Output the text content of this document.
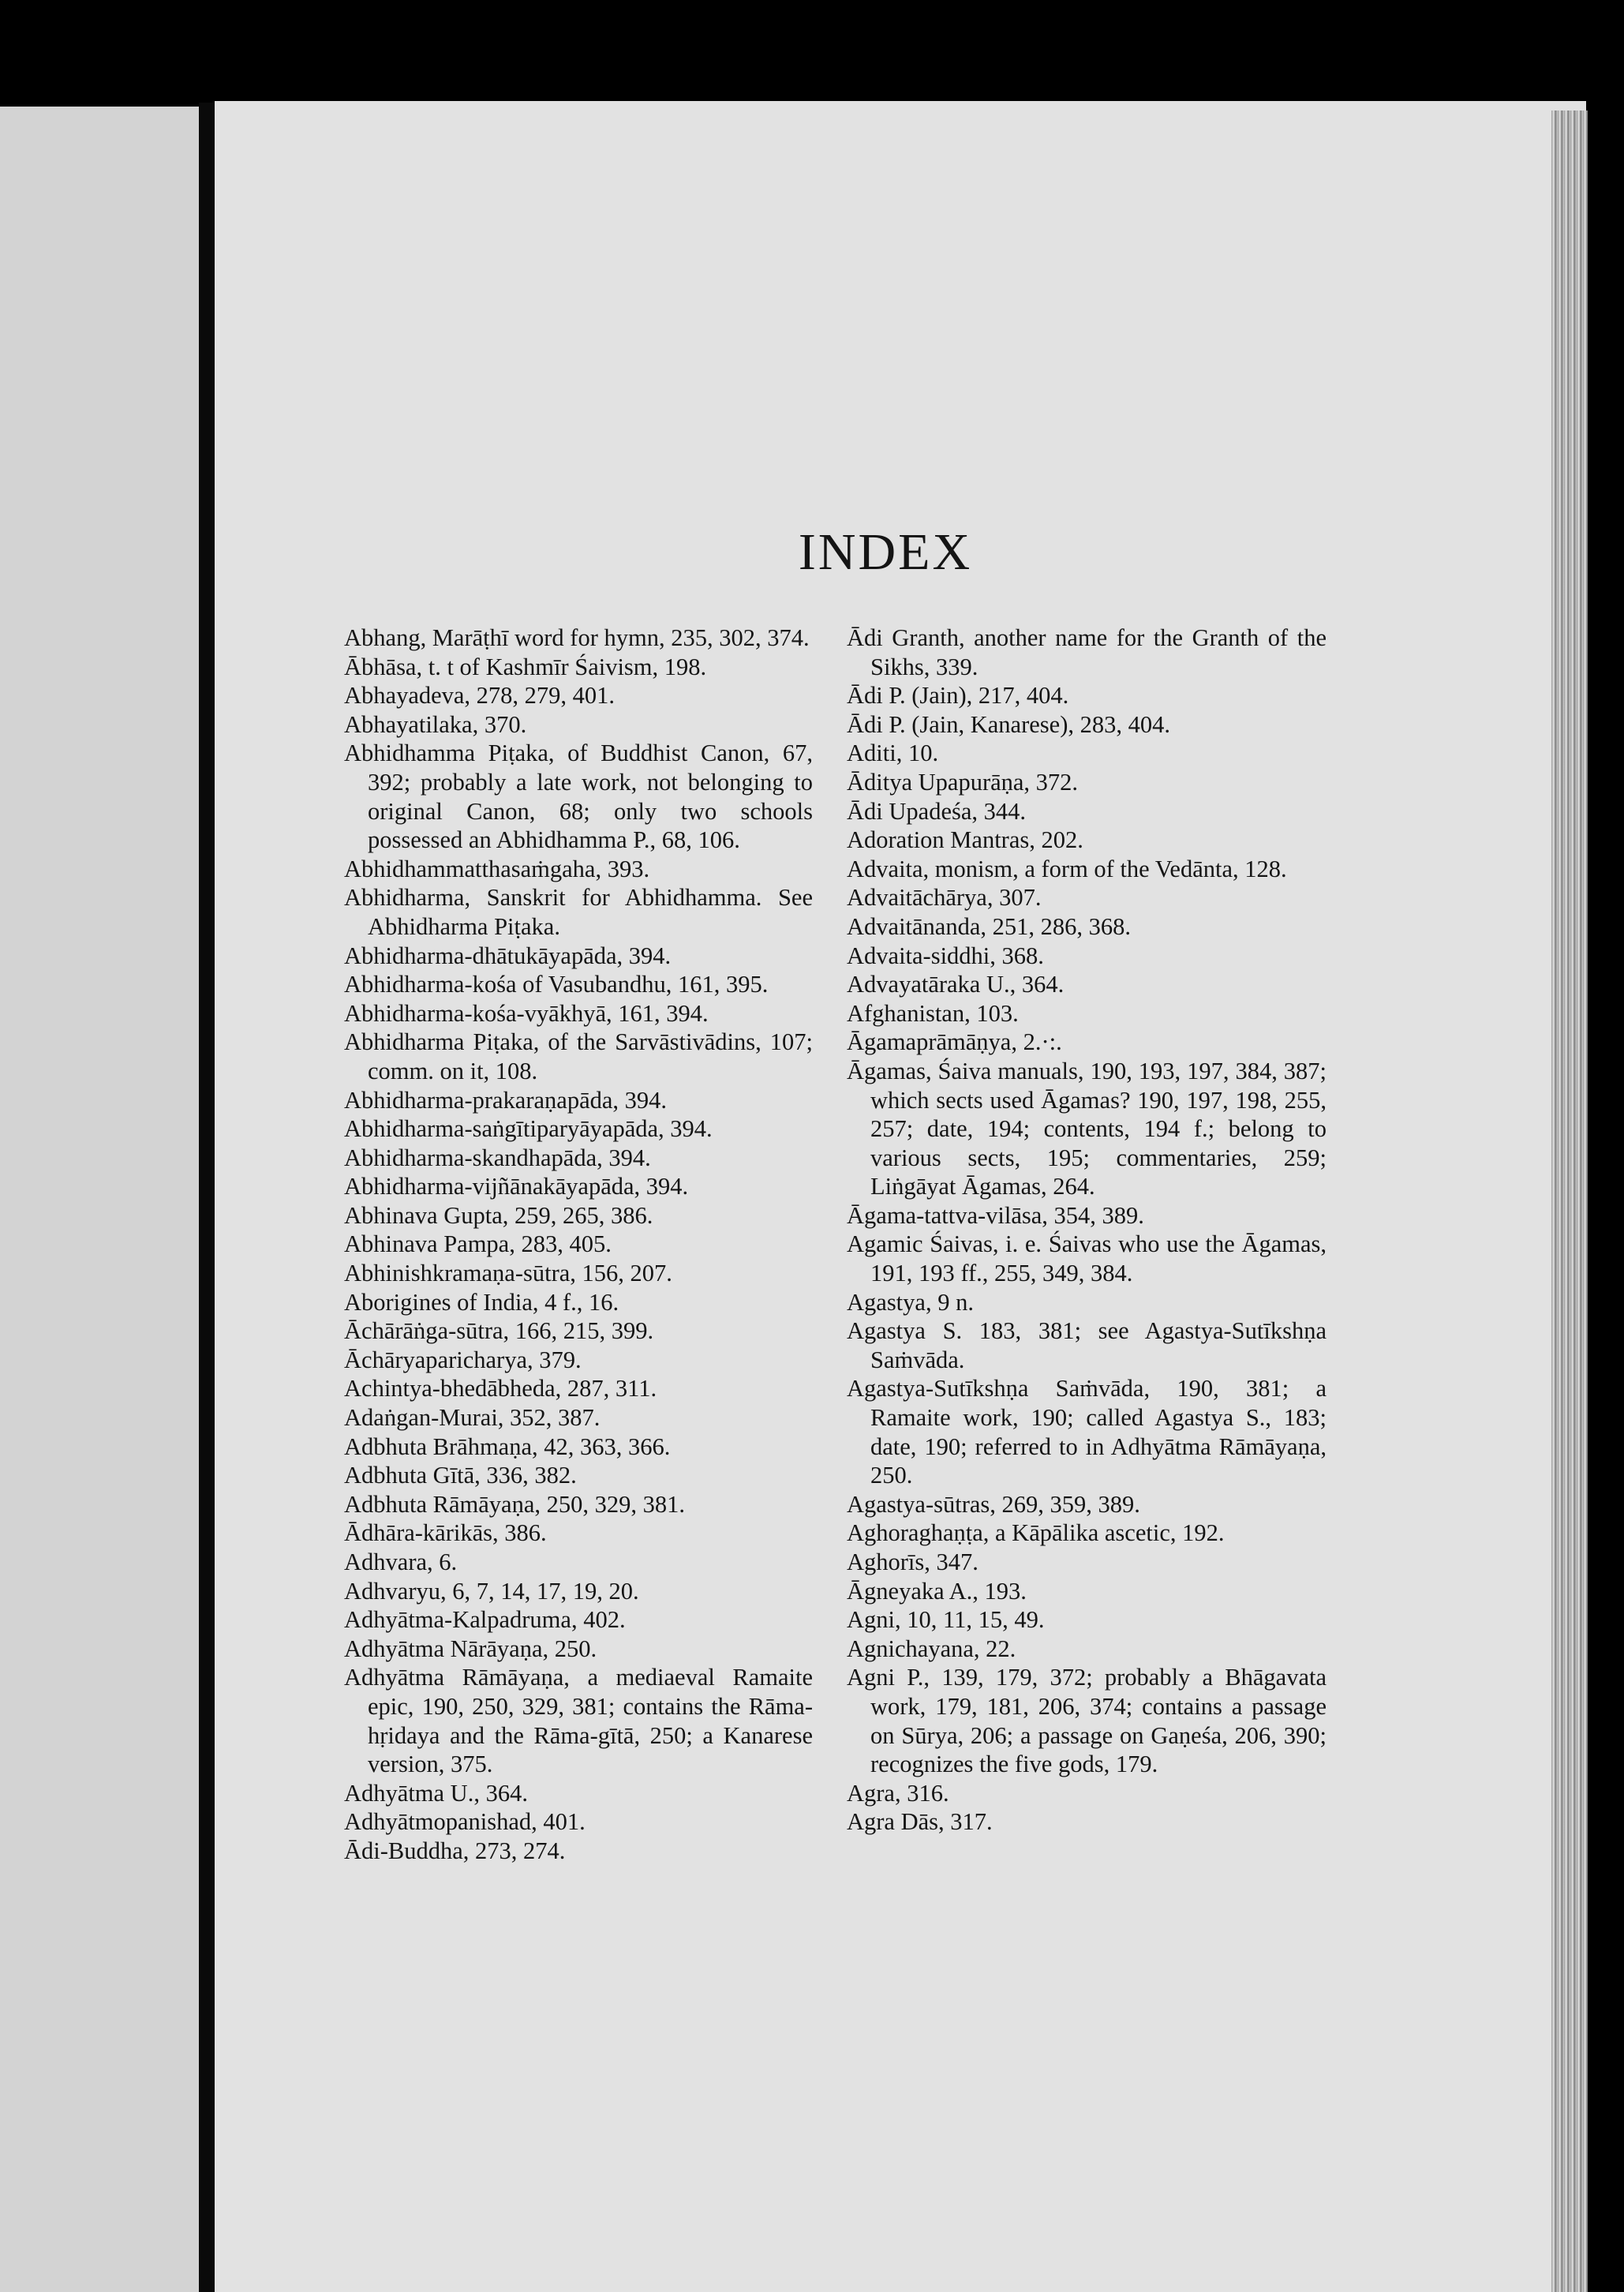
INDEX
Abhang, Marāṭhī word for hymn, 235, 302, 374.
Ābhāsa, t. t of Kashmīr Śaivism, 198.
Abhayadeva, 278, 279, 401.
Abhayatilaka, 370.
Abhidhamma Piṭaka, of Buddhist Canon, 67, 392; probably a late work, not belonging to original Canon, 68; only two schools possessed an Abhidhamma P., 68, 106.
Abhidhammatthasaṁgaha, 393.
Abhidharma, Sanskrit for Abhidhamma. See Abhidharma Piṭaka.
Abhidharma-dhātukāyapāda, 394.
Abhidharma-kośa of Vasubandhu, 161, 395.
Abhidharma-kośa-vyākhyā, 161, 394.
Abhidharma Piṭaka, of the Sarvāstivādins, 107; comm. on it, 108.
Abhidharma-prakaraṇapāda, 394.
Abhidharma-saṅgītiparyāyapāda, 394.
Abhidharma-skandhapāda, 394.
Abhidharma-vijñānakāyapāda, 394.
Abhinava Gupta, 259, 265, 386.
Abhinava Pampa, 283, 405.
Abhinishkramaṇa-sūtra, 156, 207.
Aborigines of India, 4 f., 16.
Āchārāṅga-sūtra, 166, 215, 399.
Āchāryaparicharya, 379.
Achintya-bhedābheda, 287, 311.
Adaṅgan-Murai, 352, 387.
Adbhuta Brāhmaṇa, 42, 363, 366.
Adbhuta Gītā, 336, 382.
Adbhuta Rāmāyaṇa, 250, 329, 381.
Ādhāra-kārikās, 386.
Adhvara, 6.
Adhvaryu, 6, 7, 14, 17, 19, 20.
Adhyātma-Kalpadruma, 402.
Adhyātma Nārāyaṇa, 250.
Adhyātma Rāmāyaṇa, a mediaeval Ramaite epic, 190, 250, 329, 381; contains the Rāma-hṛidaya and the Rāma-gītā, 250; a Kanarese version, 375.
Adhyātma U., 364.
Adhyātmopanishad, 401.
Ādi-Buddha, 273, 274.
Ādi Granth, another name for the Granth of the Sikhs, 339.
Ādi P. (Jain), 217, 404.
Ādi P. (Jain, Kanarese), 283, 404.
Aditi, 10.
Āditya Upapurāṇa, 372.
Ādi Upadeśa, 344.
Adoration Mantras, 202.
Advaita, monism, a form of the Vedānta, 128.
Advaitāchārya, 307.
Advaitānanda, 251, 286, 368.
Advaita-siddhi, 368.
Advayatāraka U., 364.
Afghanistan, 103.
Āgamaprāmāṇya, 2.·:.
Āgamas, Śaiva manuals, 190, 193, 197, 384, 387; which sects used Āgamas? 190, 197, 198, 255, 257; date, 194; contents, 194 f.; belong to various sects, 195; commentaries, 259; Liṅgāyat Āgamas, 264.
Āgama-tattva-vilāsa, 354, 389.
Agamic Śaivas, i. e. Śaivas who use the Āgamas, 191, 193 ff., 255, 349, 384.
Agastya, 9 n.
Agastya S. 183, 381; see Agastya-Sutīkshṇa Saṁvāda.
Agastya-Sutīkshṇa Saṁvāda, 190, 381; a Ramaite work, 190; called Agastya S., 183; date, 190; referred to in Adhyātma Rāmāyaṇa, 250.
Agastya-sūtras, 269, 359, 389.
Aghoraghaṇṭa, a Kāpālika ascetic, 192.
Aghorīs, 347.
Āgneyaka A., 193.
Agni, 10, 11, 15, 49.
Agnichayana, 22.
Agni P., 139, 179, 372; probably a Bhāgavata work, 179, 181, 206, 374; contains a passage on Sūrya, 206; a passage on Gaṇeśa, 206, 390; recognizes the five gods, 179.
Agra, 316.
Agra Dās, 317.
